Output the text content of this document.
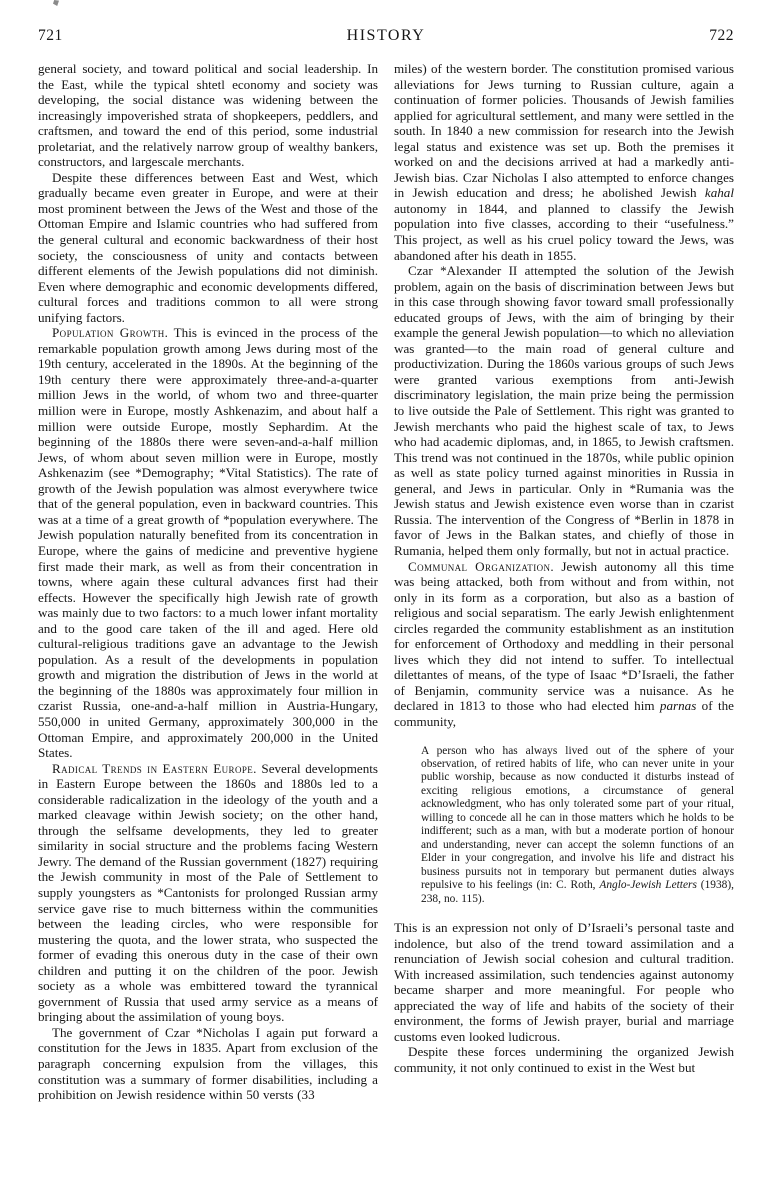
721	HISTORY	722

general society, and toward political and social leadership. In the East, while the typical shtetl economy and society was developing, the social distance was widening between the increasingly impoverished strata of shopkeepers, peddlers, and craftsmen, and toward the end of this period, some industrial proletariat, and the relatively narrow group of wealthy bankers, constructors, and largescale merchants.

Despite these differences between East and West, which gradually became even greater in Europe, and were at their most prominent between the Jews of the West and those of the Ottoman Empire and Islamic countries who had suffered from the general cultural and economic backwardness of their host society, the consciousness of unity and contacts between different elements of the Jewish populations did not diminish. Even where demographic and economic developments differed, cultural forces and traditions common to all were strong unifying factors.

Population Growth. This is evinced in the process of the remarkable population growth among Jews during most of the 19th century, accelerated in the 1890s. At the beginning of the 19th century there were approximately three-and-a-quarter million Jews in the world, of whom two and three-quarter million were in Europe, mostly Ashkenazim, and about half a million were outside Europe, mostly Sephardim. At the beginning of the 1880s there were seven-and-a-half million Jews, of whom about seven million were in Europe, mostly Ashkenazim (see *Demography; *Vital Statistics). The rate of growth of the Jewish population was almost everywhere twice that of the general population, even in backward countries. This was at a time of a great growth of *population everywhere. The Jewish population naturally benefited from its concentration in Europe, where the gains of medicine and preventive hygiene first made their mark, as well as from their concentration in towns, where again these cultural advances first had their effects. However the specifically high Jewish rate of growth was mainly due to two factors: to a much lower infant mortality and to the good care taken of the ill and aged. Here old cultural-religious traditions gave an advantage to the Jewish population. As a result of the developments in population growth and migration the distribution of Jews in the world at the beginning of the 1880s was approximately four million in czarist Russia, one-and-a-half million in Austria-Hungary, 550,000 in united Germany, approximately 300,000 in the Ottoman Empire, and approximately 200,000 in the United States.

Radical Trends in Eastern Europe. Several developments in Eastern Europe between the 1860s and 1880s led to a considerable radicalization in the ideology of the youth and a marked cleavage within Jewish society; on the other hand, through the selfsame developments, they led to greater similarity in social structure and the problems facing Western Jewry. The demand of the Russian government (1827) requiring the Jewish community in most of the Pale of Settlement to supply youngsters as *Cantonists for prolonged Russian army service gave rise to much bitterness within the communities between the leading circles, who were responsible for mustering the quota, and the lower strata, who suspected the former of evading this onerous duty in the case of their own children and putting it on the children of the poor. Jewish society as a whole was embittered toward the tyrannical government of Russia that used army service as a means of bringing about the assimilation of young boys.

The government of Czar *Nicholas I again put forward a constitution for the Jews in 1835. Apart from exclusion of the paragraph concerning expulsion from the villages, this constitution was a summary of former disabilities, including a prohibition on Jewish residence within 50 versts (33

miles) of the western border. The constitution promised various alleviations for Jews turning to Russian culture, again a continuation of former policies. Thousands of Jewish families applied for agricultural settlement, and many were settled in the south. In 1840 a new commission for research into the Jewish legal status and existence was set up. Both the premises it worked on and the decisions arrived at had a markedly anti-Jewish bias. Czar Nicholas I also attempted to enforce changes in Jewish education and dress; he abolished Jewish kahal autonomy in 1844, and planned to classify the Jewish population into five classes, according to their “usefulness.” This project, as well as his cruel policy toward the Jews, was abandoned after his death in 1855.

Czar *Alexander II attempted the solution of the Jewish problem, again on the basis of discrimination between Jews but in this case through showing favor toward small professionally educated groups of Jews, with the aim of bringing by their example the general Jewish population—to which no alleviation was granted—to the main road of general culture and productivization. During the 1860s various groups of such Jews were granted various exemptions from anti-Jewish discriminatory legislation, the main prize being the permission to live outside the Pale of Settlement. This right was granted to Jewish merchants who paid the highest scale of tax, to Jews who had academic diplomas, and, in 1865, to Jewish craftsmen. This trend was not continued in the 1870s, while public opinion as well as state policy turned against minorities in Russia in general, and Jews in particular. Only in *Rumania was the Jewish status and Jewish existence even worse than in czarist Russia. The intervention of the Congress of *Berlin in 1878 in favor of Jews in the Balkan states, and chiefly of those in Rumania, helped them only formally, but not in actual practice.

Communal Organization. Jewish autonomy all this time was being attacked, both from without and from within, not only in its form as a corporation, but also as a bastion of religious and social separatism. The early Jewish enlightenment circles regarded the community establishment as an institution for enforcement of Orthodoxy and meddling in their personal lives which they did not intend to suffer. To intellectual dilettantes of means, of the type of Isaac *D’Israeli, the father of Benjamin, community service was a nuisance. As he declared in 1813 to those who had elected him parnas of the community,

A person who has always lived out of the sphere of your observation, of retired habits of life, who can never unite in your public worship, because as now conducted it disturbs instead of exciting religious emotions, a circumstance of general acknowledgment, who has only tolerated some part of your ritual, willing to concede all he can in those matters which he holds to be indifferent; such as a man, with but a moderate portion of honour and understanding, never can accept the solemn functions of an Elder in your congregation, and involve his life and distract his business pursuits not in temporary but permanent duties always repulsive to his feelings (in: C. Roth, Anglo-Jewish Letters (1938), 238, no. 115).

This is an expression not only of D’Israeli’s personal taste and indolence, but also of the trend toward assimilation and a renunciation of Jewish social cohesion and cultural tradition. With increased assimilation, such tendencies against autonomy became sharper and more meaningful. For people who appreciated the way of life and habits of the society of their environment, the forms of Jewish prayer, burial and marriage customs even looked ludicrous.

Despite these forces undermining the organized Jewish community, it not only continued to exist in the West but
